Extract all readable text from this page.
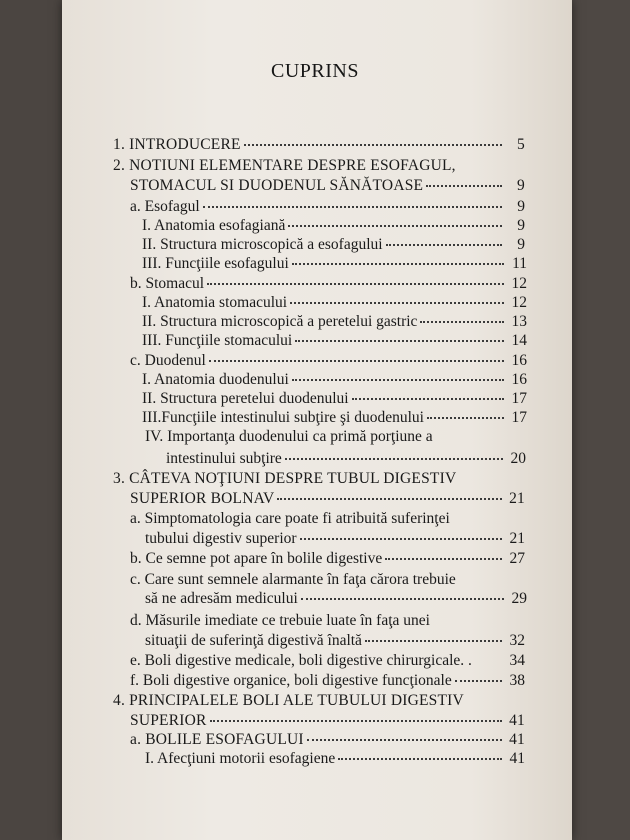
CUPRINS
1. INTRODUCERE	5
2. NOTIUNI ELEMENTARE DESPRE ESOFAGUL,
STOMACUL SI DUODENUL SĂNĂTOASE	9
a. Esofagul	9
I. Anatomia esofagiană	9
II. Structura microscopică a esofagului	9
III. Funcţiile esofagului	11
b. Stomacul	12
I. Anatomia stomacului	12
II. Structura microscopică a peretelui gastric	13
III. Funcţiile stomacului	14
c. Duodenul	16
I. Anatomia duodenului	16
II. Structura peretelui duodenului	17
III.Funcţiile intestinului subţire şi duodenului	17
IV. Importanţa duodenului ca primă porţiune a
intestinului subţire	20
3. CÂTEVA NOŢIUNI DESPRE TUBUL DIGESTIV
SUPERIOR BOLNAV	21
a. Simptomatologia care poate fi atribuită suferinţei
tubului digestiv superior	21
b. Ce semne pot apare în bolile digestive	27
c. Care sunt semnele alarmante în faţa cărora trebuie
să ne adresăm medicului	29
d. Măsurile imediate ce trebuie luate în faţa unei
situaţii de suferinţă digestivă înaltă	32
e. Boli digestive medicale, boli digestive chirurgicale. . 34
f. Boli digestive organice, boli digestive funcţionale	38
4. PRINCIPALELE BOLI ALE TUBULUI DIGESTIV
SUPERIOR	41
a. BOLILE ESOFAGULUI	41
I. Afecţiuni motorii esofagiene	41
